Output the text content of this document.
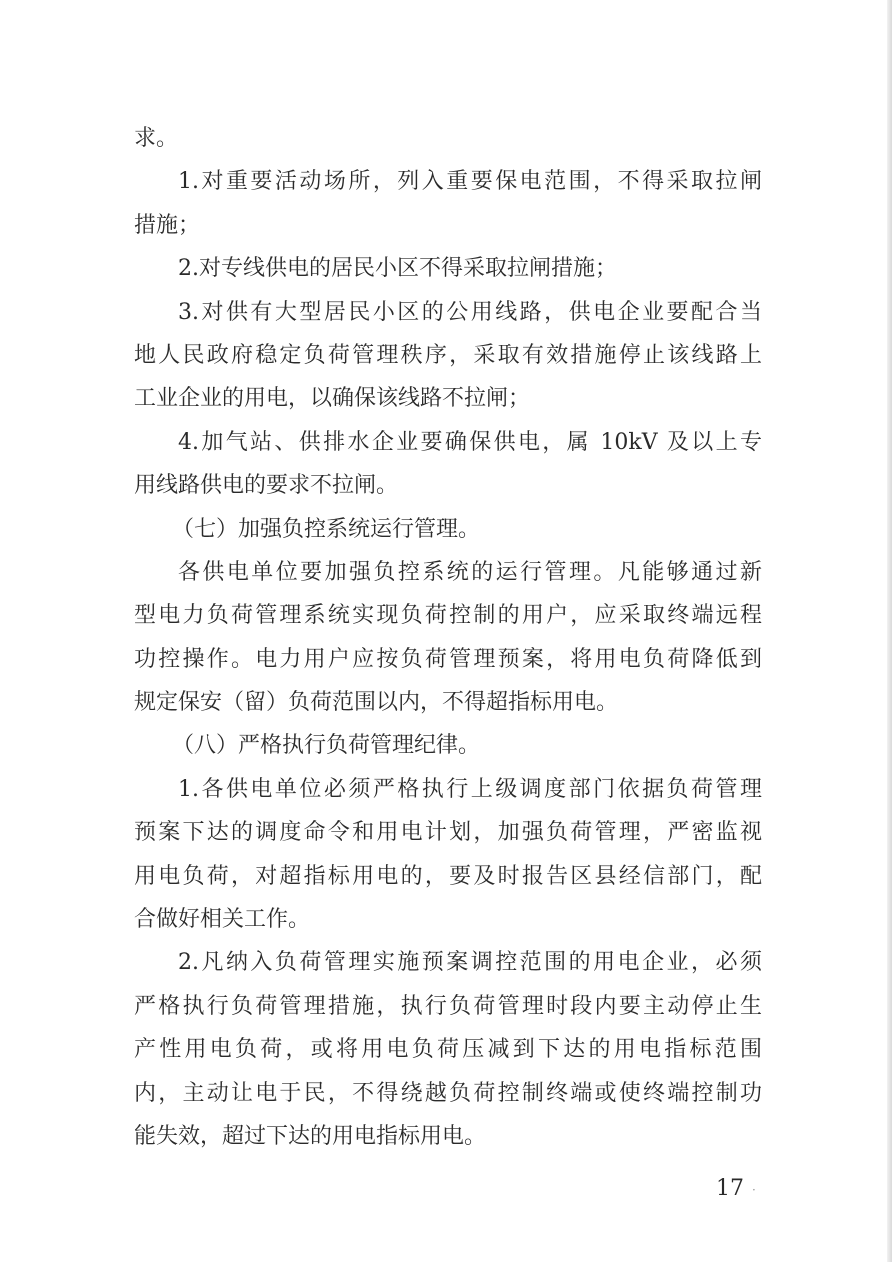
求。
1.对重要活动场所，列入重要保电范围，不得采取拉闸
措施；
2.对专线供电的居民小区不得采取拉闸措施；
3.对供有大型居民小区的公用线路，供电企业要配合当
地人民政府稳定负荷管理秩序，采取有效措施停止该线路上
工业企业的用电，以确保该线路不拉闸；
4.加气站、供排水企业要确保供电，属 10kV 及以上专
用线路供电的要求不拉闸。
（七）加强负控系统运行管理。
各供电单位要加强负控系统的运行管理。凡能够通过新
型电力负荷管理系统实现负荷控制的用户，应采取终端远程
功控操作。电力用户应按负荷管理预案，将用电负荷降低到
规定保安（留）负荷范围以内，不得超指标用电。
（八）严格执行负荷管理纪律。
1.各供电单位必须严格执行上级调度部门依据负荷管理
预案下达的调度命令和用电计划，加强负荷管理，严密监视
用电负荷，对超指标用电的，要及时报告区县经信部门，配
合做好相关工作。
2.凡纳入负荷管理实施预案调控范围的用电企业，必须
严格执行负荷管理措施，执行负荷管理时段内要主动停止生
产性用电负荷，或将用电负荷压减到下达的用电指标范围
内，主动让电于民，不得绕越负荷控制终端或使终端控制功
能失效，超过下达的用电指标用电。
17 ·
